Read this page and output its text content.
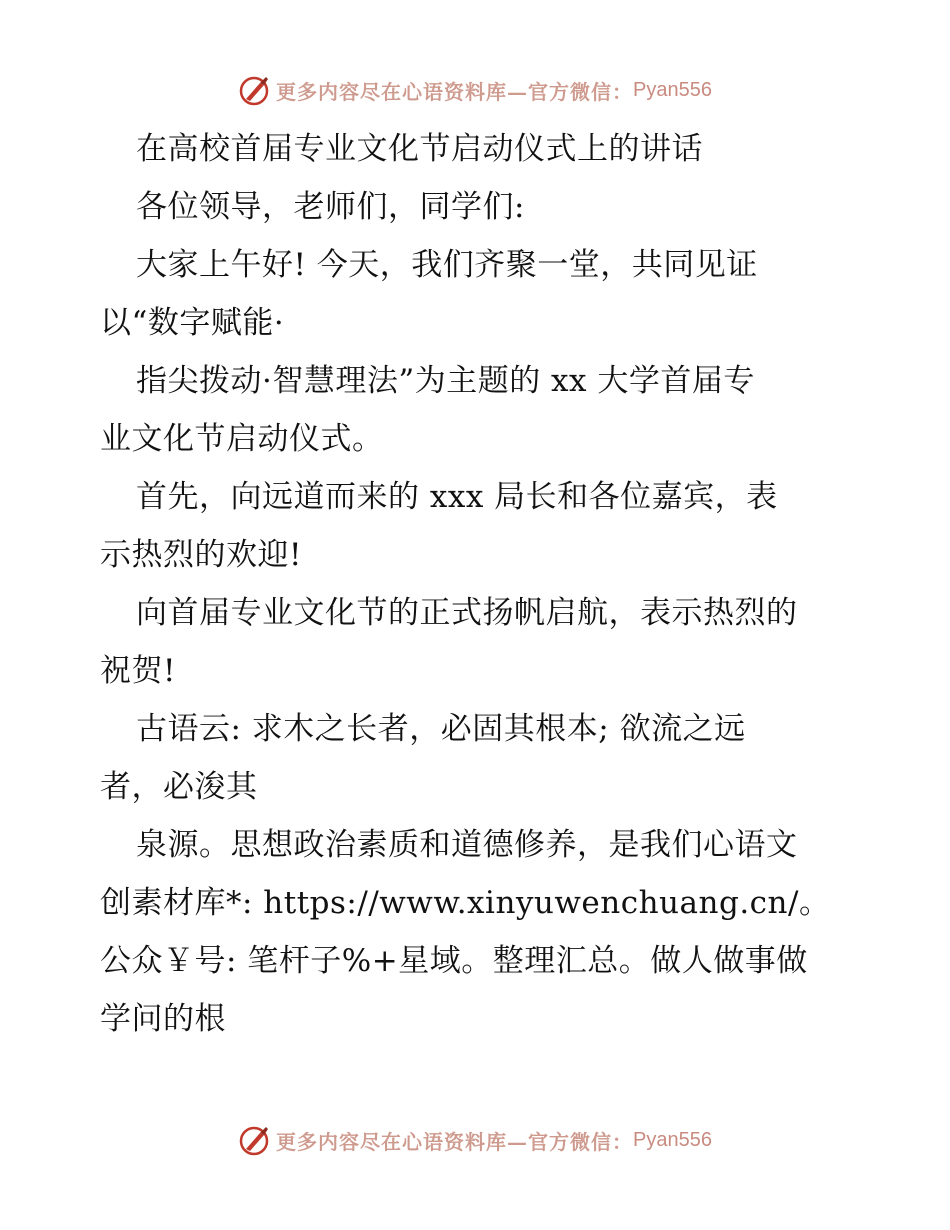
更多内容尽在心语资料库—官方微信： Pyan556
在高校首届专业文化节启动仪式上的讲话
各位领导，老师们，同学们:
大家上午好! 今天，我们齐聚一堂，共同见证
以“数字赋能·
指尖拨动·智慧理法”为主题的 xx 大学首届专
业文化节启动仪式。
首先，向远道而来的 xxx 局长和各位嘉宾，表
示热烈的欢迎!
向首届专业文化节的正式扬帆启航，表示热烈的
祝贺!
古语云: 求木之长者，必固其根本; 欲流之远
者，必浚其
泉源。思想政治素质和道德修养，是我们心语文
创素材库*: https://www.xinyuwenchuang.cn/。
公众￥号: 笔杆子%+星域。整理汇总。做人做事做
学问的根
更多内容尽在心语资料库—官方微信： Pyan556
